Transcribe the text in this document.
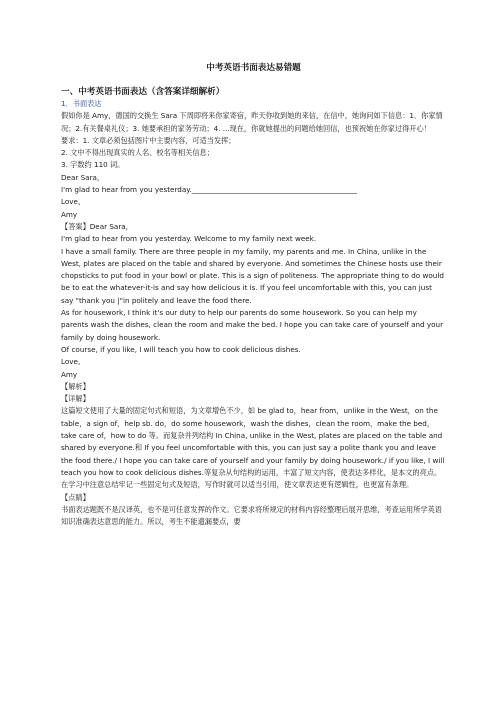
中考英语书面表达易错题
一、中考英语书面表达（含答案详细解析）
1．书面表达

假如你是 Amy，德国的交换生 Sara 下周即将来你家寄宿，昨天你收到她的来信，在信中，她询问如下信息：1．你家情况；2.有关餐桌礼仪；3. 她要承担的家务劳动；4. ...现在，你就她提出的问题给她回信，也预祝她在你家过得开心！

要求：1. 文章必须包括图片中主要内容，可适当发挥；

2. 文中不得出现真实的人名、校名等相关信息；

3. 字数约 110 词。

Dear Sara，

I'm glad to hear from you yesterday.______________________________________________

Love，

Amy

【答案】Dear Sara，

I'm glad to hear from you yesterday. Welcome to my family next week.

I have a small family. There are three people in my family, my parents and me. In China, unlike in the West, plates are placed on the table and shared by everyone. And sometimes the Chinese hosts use their chopsticks to put food in your bowl or plate. This is a sign of politeness. The appropriate thing to do would be to eat the whatever-it-is and say how delicious it is. If you feel uncomfortable with this, you can just say "thank you |"in politely and leave the food there.

As for housework, I think it's our duty to help our parents do some housework. So you can help my parents wash the dishes, clean the room and make the bed. I hope you can take care of yourself and your family by doing housework.

Of course, if you like, I will teach you how to cook delicious dishes.

Love,

Amy

【解析】

【详解】

这篇短文使用了大量的固定句式和短语，为文章增色不少，如 be glad to，hear from，unlike in the West，on the table，a sign of，help sb. do，do some housework，wash the dishes，clean the room，make the bed，take care of，how to do 等。而复杂并列结构 In China, unlike in the West, plates are placed on the table and shared by everyone.和 If you feel uncomfortable with this, you can just say a polite thank you and leave the food there./ I hope you can take care of yourself and your family by doing housework./ if you like, I will teach you how to cook delicious dishes.等复杂从句结构的运用，丰富了短文内容，使表达多样化，是本文的亮点。在学习中注意总结牢记一些固定句式及短语，写作时就可以适当引用，使文章表达更有逻辑性，也更富有条理。

【点睛】

书面表达题既不是汉译英，也不是可任意发挥的作文。它要求将所规定的材料内容经整理后展开思维，考查运用所学英语知识准确表达意思的能力。所以，考生不能遗漏要点，要
